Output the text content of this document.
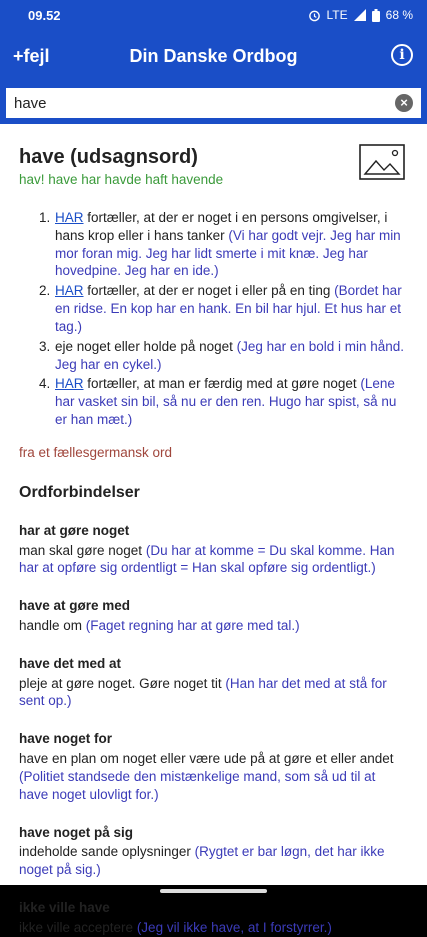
09.52	LTE	68 %
+fejl	Din Danske Ordbog	i
have
×
have (udsagnsord)
hav! have har havde haft havende
HAR fortæller, at der er noget i en persons omgivelser, i hans krop eller i hans tanker (Vi har godt vejr. Jeg har min mor foran mig. Jeg har lidt smerte i mit knæ. Jeg har hovedpine. Jeg har en ide.)
HAR fortæller, at der er noget i eller på en ting (Bordet har en ridse. En kop har en hank. En bil har hjul. Et hus har et tag.)
eje noget eller holde på noget (Jeg har en bold i min hånd. Jeg har en cykel.)
HAR fortæller, at man er færdig med at gøre noget (Lene har vasket sin bil, så nu er den ren. Hugo har spist, så nu er han mæt.)
fra et fællesgermansk ord
Ordforbindelser
har at gøre noget
man skal gøre noget (Du har at komme = Du skal komme. Han har at opføre sig ordentligt = Han skal opføre sig ordentligt.)
have at gøre med
handle om (Faget regning har at gøre med tal.)
have det med at
pleje at gøre noget. Gøre noget tit (Han har det med at stå for sent op.)
have noget for
have en plan om noget eller være ude på at gøre et eller andet (Politiet standsede den mistænkelige mand, som så ud til at have noget ulovligt for.)
have noget på sig
indeholde sande oplysninger (Rygtet er bar løgn, det har ikke noget på sig.)
ikke ville have
ikke ville acceptere (Jeg vil ikke have, at I forstyrrer.)
